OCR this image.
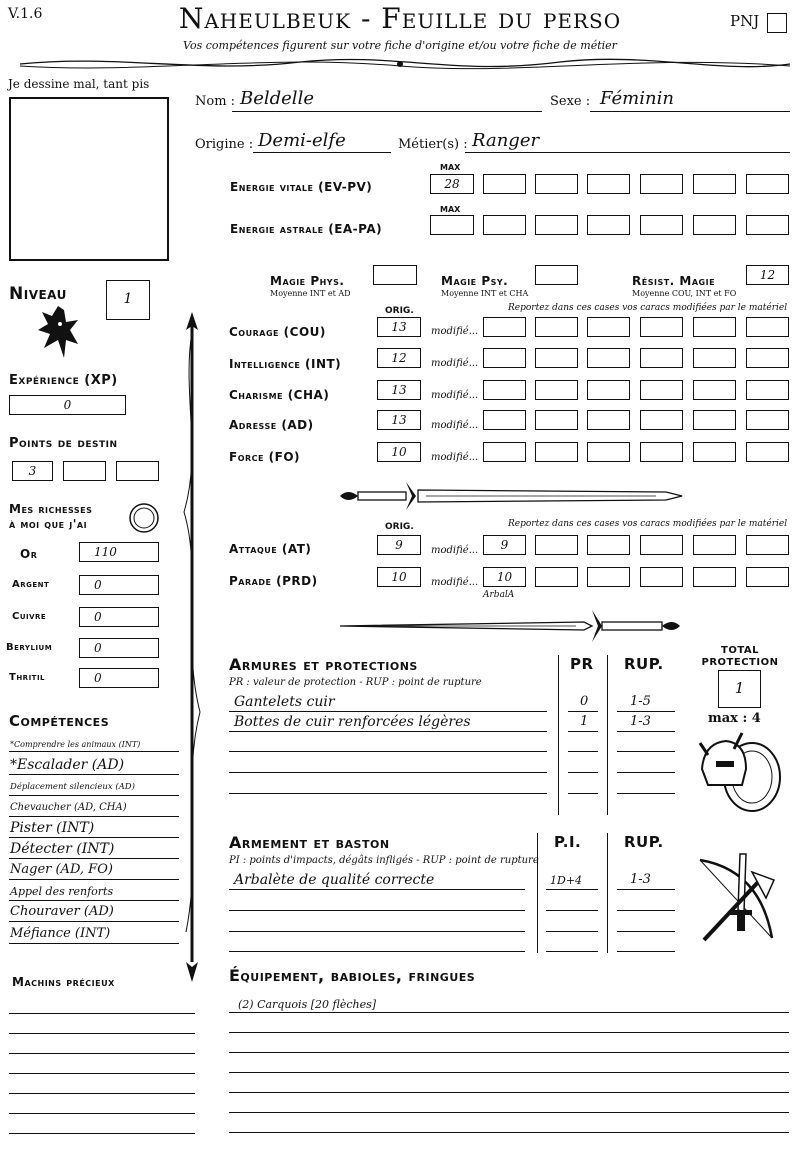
V.1.6	Naheulbeuk - Feuille du perso	PNJ
Vos compétences figurent sur votre fiche d'origine et/ou votre fiche de métier
Je dessine mal, tant pis
Nom : Beldelle	Sexe : Féminin
Origine : Demi-elfe	Métier(s) : Ranger
MAX
Energie vitale (EV-PV)	28
MAX
Energie astrale (EA-PA)
Magie Phys.
Moyenne INT et AD
Magie Psy.
Moyenne INT et CHA
Résist. Magie
Moyenne COU, INT et FO
12
Niveau	1
Expérience (XP)
0
Points de destin
3
Mes richesses
à moi que j'ai
Or	110
Argent	0
Cuivre	0
Berylium	0
Thritil	0
Compétences
*Comprendre les animaux (INT)
*Escalader (AD)
Déplacement silencieux (AD)
Chevaucher (AD, CHA)
Pister (INT)
Détecter (INT)
Nager (AD, FO)
Appel des renforts
Chouraver (AD)
Méfiance (INT)
Machins précieux
ORIG.	Reportez dans ces cases vos caracs modifiées par le matériel
Courage (COU)	13	modifié...
Intelligence (INT)	12	modifié...
Charisme (CHA)	13	modifié...
Adresse (AD)	13	modifié...
Force (FO)	10	modifié...
ORIG.	Reportez dans ces cases vos caracs modifiées par le matériel
Attaque (AT)	9	modifié...	9
Parade (PRD)	10	modifié...	10
ArbalA
Armures et protections
PR : valeur de protection - RUP : point de rupture
PR RUP.
Gantelets cuir	0	1-5
Bottes de cuir renforcées légères	1	1-3
TOTAL
PROTECTION
1
max : 4
Armement et baston
PI : points d'impacts, dégâts infligés - RUP : point de rupture
P.I.	RUP.
Arbalète de qualité correcte	1D+4	1-3
Équipement, babioles, fringues
(2) Carquois [20 flèches]
